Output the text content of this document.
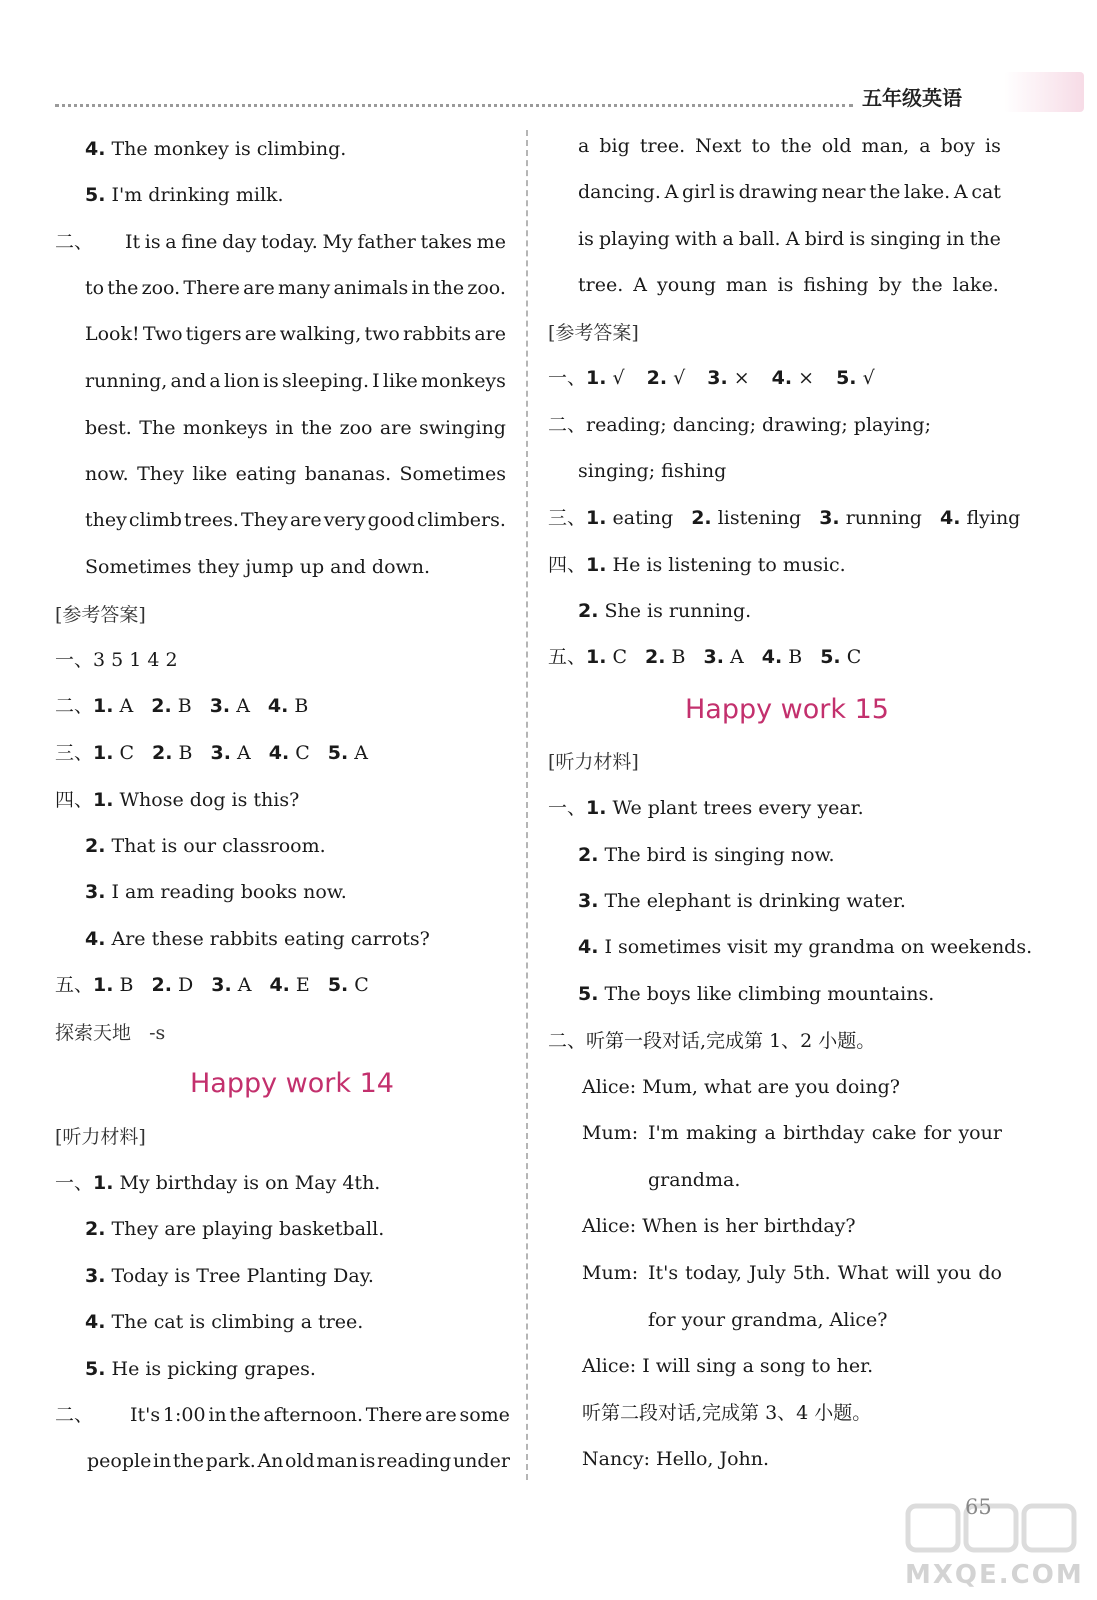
五年级英语
4. The monkey is climbing.
5. I'm drinking milk.
二、 It is a fine day today. My father takes me
to the zoo. There are many animals in the zoo.
Look! Two tigers are walking, two rabbits are
running, and a lion is sleeping. I like monkeys
best. The monkeys in the zoo are swinging
now. They like eating bananas. Sometimes
they climb trees. They are very good climbers.
Sometimes they jump up and down.
[参考答案]
一、3 5 1 4 2
二、1. A 2. B 3. A 4. B
三、1. C 2. B 3. A 4. C 5. A
四、1. Whose dog is this?
2. That is our classroom.
3. I am reading books now.
4. Are these rabbits eating carrots?
五、1. B 2. D 3. A 4. E 5. C
探索天地 -s
Happy work 14
[听力材料]
一、1. My birthday is on May 4th.
2. They are playing basketball.
3. Today is Tree Planting Day.
4. The cat is climbing a tree.
5. He is picking grapes.
二、 It's 1:00 in the afternoon. There are some
people in the park. An old man is reading under
a big tree. Next to the old man, a boy is
dancing. A girl is drawing near the lake. A cat
is playing with a ball. A bird is singing in the
tree. A young man is fishing by the lake.
[参考答案]
一、1. √ 2. √ 3. × 4. × 5. √
二、reading; dancing; drawing; playing;
singing; fishing
三、1. eating 2. listening 3. running 4. flying
四、1. He is listening to music.
2. She is running.
五、1. C 2. B 3. A 4. B 5. C
Happy work 15
[听力材料]
一、1. We plant trees every year.
2. The bird is singing now.
3. The elephant is drinking water.
4. I sometimes visit my grandma on weekends.
5. The boys like climbing mountains.
二、听第一段对话,完成第 1、2 小题。
Alice: Mum, what are you doing?
Mum: I'm making a birthday cake for your
grandma.
Alice: When is her birthday?
Mum: It's today, July 5th. What will you do
for your grandma, Alice?
Alice: I will sing a song to her.
听第二段对话,完成第 3、4 小题。
Nancy: Hello, John.
65
MXQE.COM
